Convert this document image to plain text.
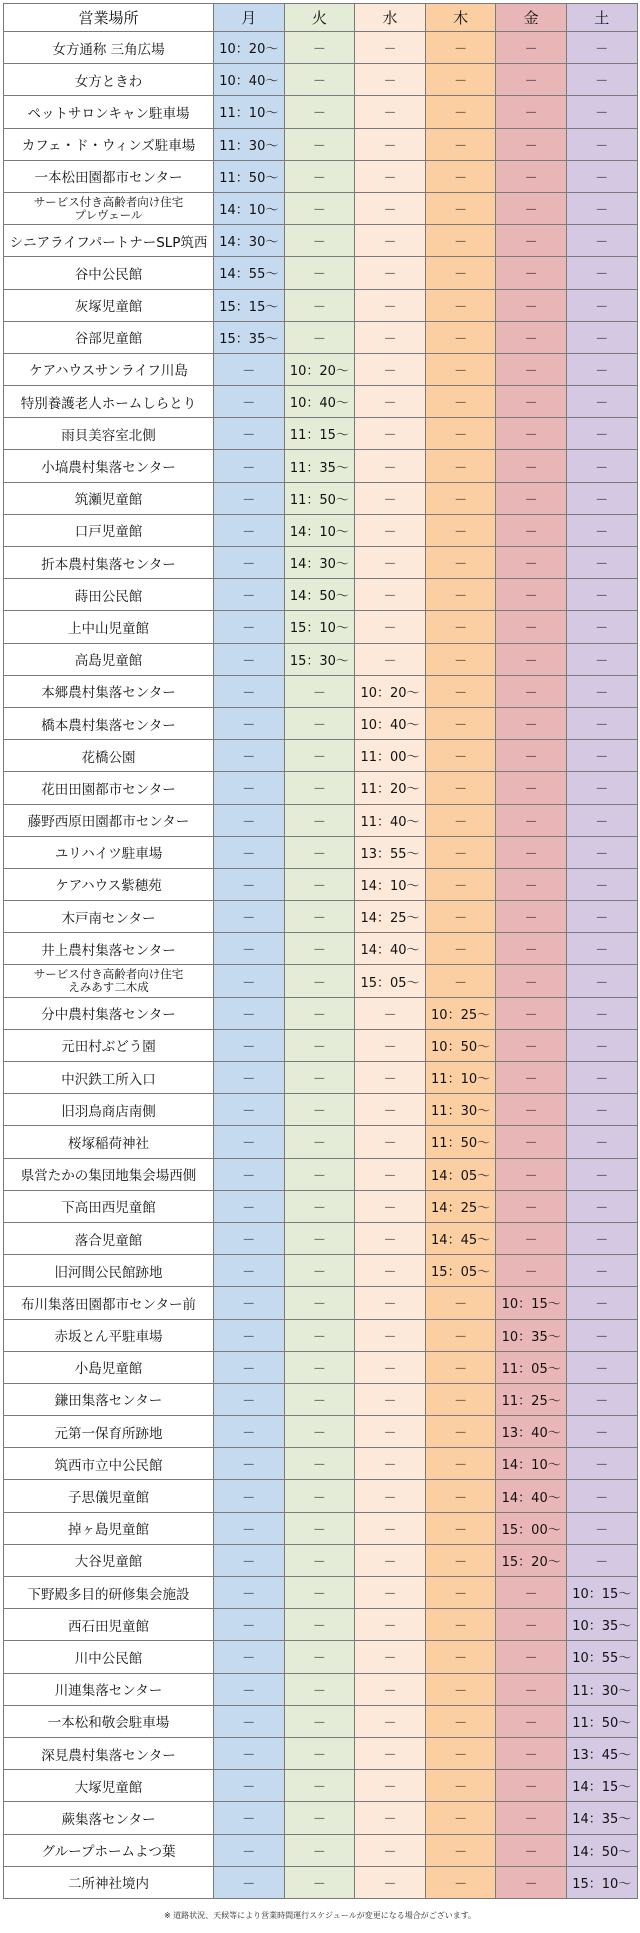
営業場所	月	火	水	木	金	土
女方通称 三角広場	10：20～	－	－	－	－	－
女方ときわ	10：40～	－	－	－	－	－
ペットサロンキャン駐車場	11：10～	－	－	－	－	－
カフェ・ド・ウィンズ駐車場	11：30～	－	－	－	－	－
一本松田園都市センター	11：50～	－	－	－	－	－
サービス付き高齢者向け住宅
プレヴェール	14：10～	－	－	－	－	－
シニアライフパートナーSLP筑西	14：30～	－	－	－	－	－
谷中公民館	14：55～	－	－	－	－	－
灰塚児童館	15：15～	－	－	－	－	－
谷部児童館	15：35～	－	－	－	－	－
ケアハウスサンライフ川島	－	10：20～	－	－	－	－
特別養護老人ホームしらとり	－	10：40～	－	－	－	－
雨貝美容室北側	－	11：15～	－	－	－	－
小塙農村集落センター	－	11：35～	－	－	－	－
筑瀬児童館	－	11：50～	－	－	－	－
口戸児童館	－	14：10～	－	－	－	－
折本農村集落センター	－	14：30～	－	－	－	－
蒔田公民館	－	14：50～	－	－	－	－
上中山児童館	－	15：10～	－	－	－	－
高島児童館	－	15：30～	－	－	－	－
本郷農村集落センター	－	－	10：20～	－	－	－
橋本農村集落センター	－	－	10：40～	－	－	－
花橋公園	－	－	11：00～	－	－	－
花田田園都市センター	－	－	11：20～	－	－	－
藤野西原田園都市センター	－	－	11：40～	－	－	－
ユリハイツ駐車場	－	－	13：55～	－	－	－
ケアハウス紫穂苑	－	－	14：10～	－	－	－
木戸南センター	－	－	14：25～	－	－	－
井上農村集落センター	－	－	14：40～	－	－	－
サービス付き高齢者向け住宅
えみあす二木成	－	－	15：05～	－	－	－
分中農村集落センター	－	－	－	10：25～	－	－
元田村ぶどう園	－	－	－	10：50～	－	－
中沢鉄工所入口	－	－	－	11：10～	－	－
旧羽鳥商店南側	－	－	－	11：30～	－	－
桜塚稲荷神社	－	－	－	11：50～	－	－
県営たかの集団地集会場西側	－	－	－	14：05～	－	－
下高田西児童館	－	－	－	14：25～	－	－
落合児童館	－	－	－	14：45～	－	－
旧河間公民館跡地	－	－	－	15：05～	－	－
布川集落田園都市センター前	－	－	－	－	10：15～	－
赤坂とん平駐車場	－	－	－	－	10：35～	－
小島児童館	－	－	－	－	11：05～	－
鎌田集落センター	－	－	－	－	11：25～	－
元第一保育所跡地	－	－	－	－	13：40～	－
筑西市立中公民館	－	－	－	－	14：10～	－
子思儀児童館	－	－	－	－	14：40～	－
掉ヶ島児童館	－	－	－	－	15：00～	－
大谷児童館	－	－	－	－	15：20～	－
下野殿多目的研修集会施設	－	－	－	－	－	10：15～
西石田児童館	－	－	－	－	－	10：35～
川中公民館	－	－	－	－	－	10：55～
川連集落センター	－	－	－	－	－	11：30～
一本松和敬会駐車場	－	－	－	－	－	11：50～
深見農村集落センター	－	－	－	－	－	13：45～
大塚児童館	－	－	－	－	－	14：15～
蕨集落センター	－	－	－	－	－	14：35～
グループホームよつ葉	－	－	－	－	－	14：50～
二所神社境内	－	－	－	－	－	15：10～
※ 道路状況、天候等により営業時間運行スケジュールが変更になる場合がございます。
